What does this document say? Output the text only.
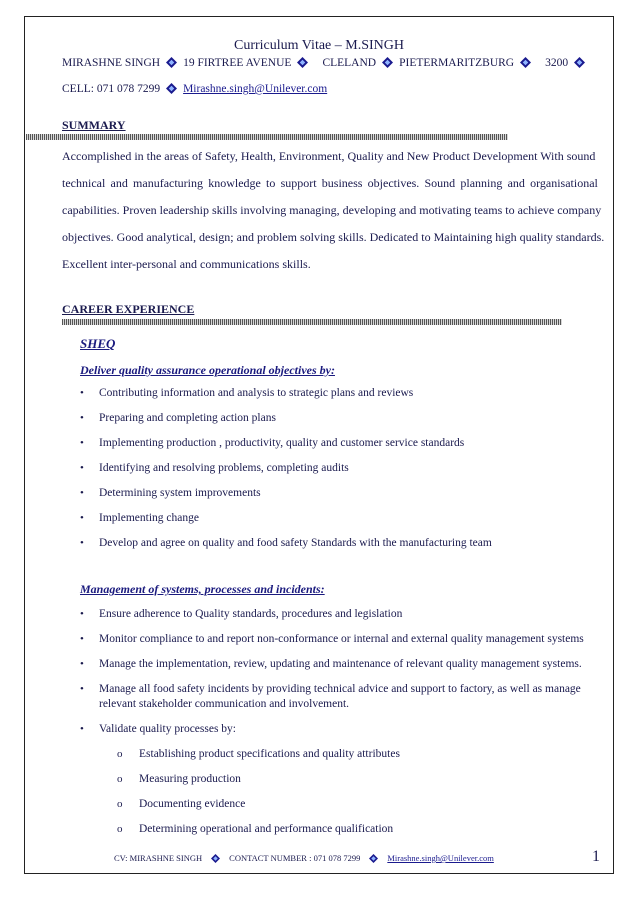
Curriculum Vitae – M.SINGH
MIRASHNE SINGH 19 FIRTREE AVENUE	CLELAND PIETERMARITZBURG	3200
CELL: 071 078 7299 Mirashne.singh@Unilever.com
SUMMARY
Accomplished in the areas of Safety, Health, Environment, Quality and New Product Development With sound
technical and manufacturing knowledge to support business objectives. Sound planning and organisational
capabilities. Proven leadership skills involving managing, developing and motivating teams to achieve company
objectives. Good analytical, design; and problem solving skills. Dedicated to Maintaining high quality standards.
Excellent inter-personal and communications skills.
CAREER EXPERIENCE
SHEQ
Deliver quality assurance operational objectives by:
• Contributing information and analysis to strategic plans and reviews
• Preparing and completing action plans
• Implementing production , productivity, quality and customer service standards
• Identifying and resolving problems, completing audits
• Determining system improvements
• Implementing change
• Develop and agree on quality and food safety Standards with the manufacturing team
Management of systems, processes and incidents:
• Ensure adherence to Quality standards, procedures and legislation
• Monitor compliance to and report non-conformance or internal and external quality management systems
• Manage the implementation, review, updating and maintenance of relevant quality management systems.
• Manage all food safety incidents by providing technical advice and support to factory, as well as manage
relevant stakeholder communication and involvement.
• Validate quality processes by:
o Establishing product specifications and quality attributes
o Measuring production
o Documenting evidence
o Determining operational and performance qualification
CV: MIRASHNE SINGH	CONTACT NUMBER : 071 078 7299	Mirashne.singh@Unilever.com	1
